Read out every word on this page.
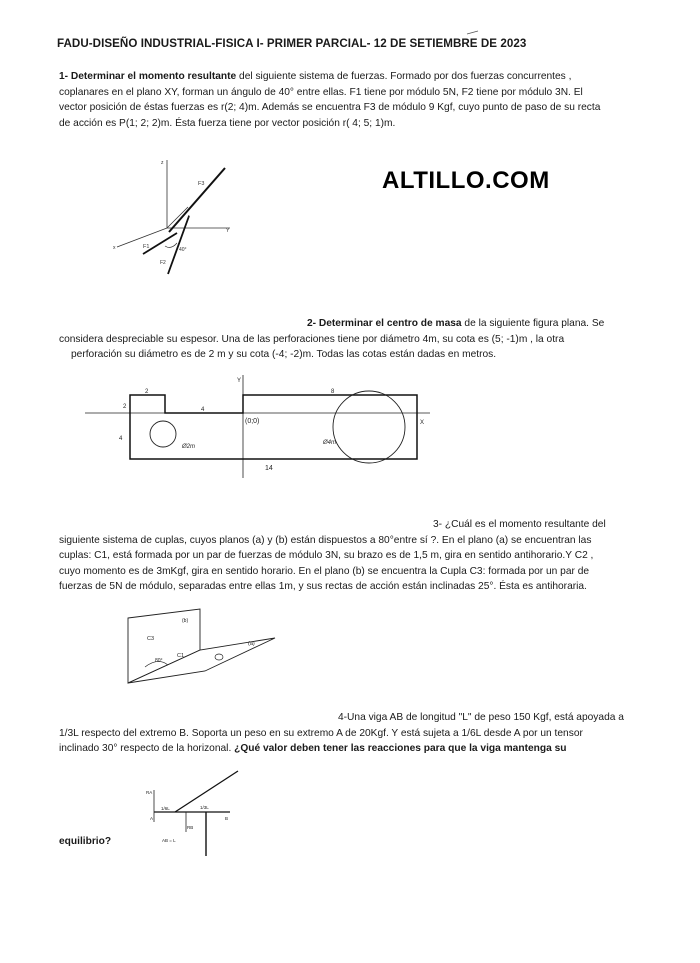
FADU-DISEÑO INDUSTRIAL-FISICA I- PRIMER PARCIAL- 12 DE SETIEMBRE DE 2023
1- Determinar el momento resultante del siguiente sistema de fuerzas. Formado por dos fuerzas concurrentes ,
coplanares en el plano XY, forman un ángulo de 40° entre ellas. F1 tiene por módulo 5N, F2 tiene por módulo 3N. El
vector posición de éstas fuerzas es r(2; 4)m. Además se encuentra F3 de módulo 9 Kgf, cuyo punto de paso de su recta
de acción es P(1; 2; 2)m. Ésta fuerza tiene por vector posición r( 4; 5; 1)m.
z
Y
x
F3
r
F1
F2
40°
ALTILLO.COM
2- Determinar el centro de masa de la siguiente figura plana. Se
considera despreciable su espesor. Una de las perforaciones tiene por diámetro 4m, su cota es (5; -1)m , la otra
perforación su diámetro es de 2 m y su cota (-4; -2)m. Todas las cotas están dadas en metros.
Y
X
(0;0)
2
4
2
4
8
14
Ø2m
Ø4m
3- ¿Cuál es el momento resultante del
siguiente sistema de cuplas, cuyos planos (a) y (b) están dispuestos a 80°entre sí ?. En el plano (a) se encuentran las
cuplas: C1, está formada por un par de fuerzas de módulo 3N, su brazo es de 1,5 m, gira en sentido antihorario.Y C2 ,
cuyo momento es de 3mKgf, gira en sentido horario. En el plano (b) se encuentra la Cupla C3: formada por un par de
fuerzas de 5N de módulo, separadas entre ellas 1m, y sus rectas de acción están inclinadas 25°. Ésta es antihoraria.
(b)
(a)
C3
C1
80°
4-Una viga AB de longitud "L" de peso 150 Kgf, está apoyada a
1/3L respecto del extremo B. Soporta un peso en su extremo A de 20Kgf. Y está sujeta a 1/6L desde A por un tensor
inclinado 30° respecto de la horizonal. ¿Qué valor deben tener las reacciones para que la viga mantenga su
RA
RB
A	B
1/6L	1/3L
AB = L
equilibrio?
